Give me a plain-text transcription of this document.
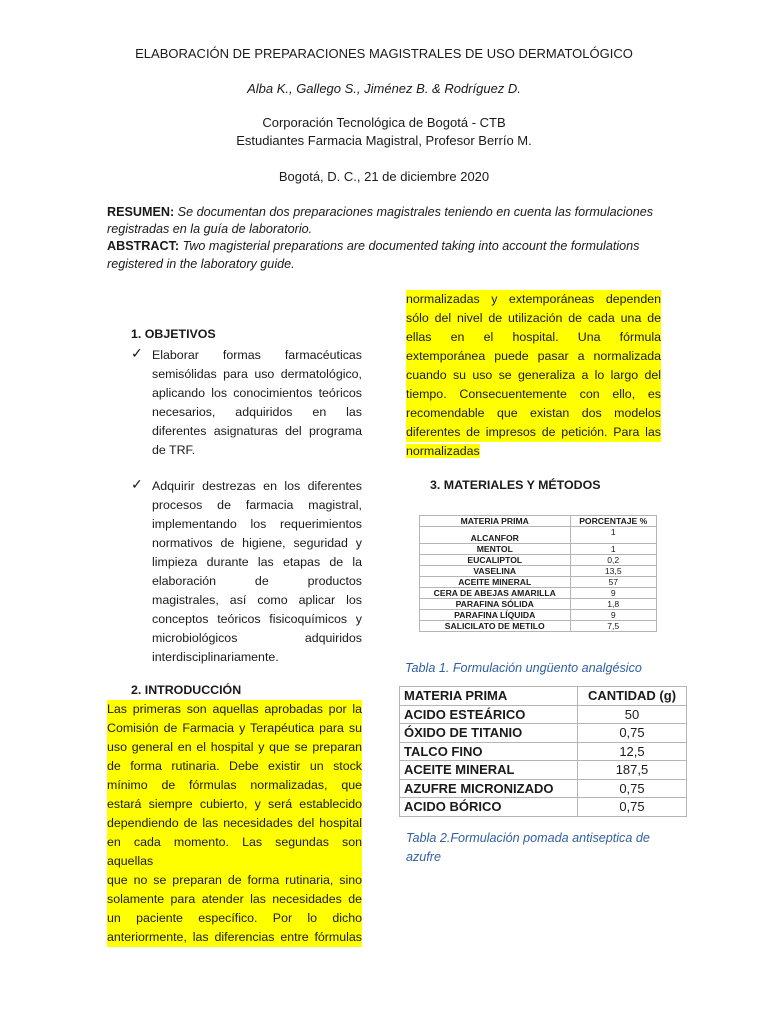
ELABORACIÓN DE PREPARACIONES MAGISTRALES DE USO DERMATOLÓGICO
Alba K., Gallego S., Jiménez B. & Rodríguez D.
Corporación Tecnológica de Bogotá - CTB
Estudiantes Farmacia Magistral, Profesor Berrío M.
Bogotá, D. C., 21 de diciembre 2020
RESUMEN: Se documentan dos preparaciones magistrales teniendo en cuenta las formulaciones
registradas en la guía de laboratorio.
ABSTRACT: Two magisterial preparations are documented taking into account the formulations
registered in the laboratory guide.
1. OBJETIVOS
✓ Elaborar formas farmacéuticas
semisólidas para uso dermatológico,
aplicando los conocimientos teóricos
necesarios, adquiridos en las
diferentes asignaturas del programa
de TRF.
✓ Adquirir destrezas en los diferentes
procesos de farmacia magistral,
implementando los requerimientos
normativos de higiene, seguridad y
limpieza durante las etapas de la
elaboración de productos
magistrales, así como aplicar los
conceptos teóricos fisicoquímicos y
microbiológicos adquiridos
interdisciplinariamente.
2. INTRODUCCIÓN
Las primeras son aquellas aprobadas por la
Comisión de Farmacia y Terapéutica para su
uso general en el hospital y que se preparan
de forma rutinaria. Debe existir un stock
mínimo de fórmulas normalizadas, que
estará siempre cubierto, y será establecido
dependiendo de las necesidades del hospital
en cada momento. Las segundas son aquellas
que no se preparan de forma rutinaria, sino
solamente para atender las necesidades de
un paciente específico. Por lo dicho
anteriormente, las diferencias entre fórmulas
normalizadas y extemporáneas dependen
sólo del nivel de utilización de cada una de
ellas en el hospital. Una fórmula
extemporánea puede pasar a normalizada
cuando su uso se generaliza a lo largo del
tiempo. Consecuentemente con ello, es
recomendable que existan dos modelos
diferentes de impresos de petición. Para las
normalizadas
3. MATERIALES Y MÉTODOS
MATERIA PRIMA	PORCENTAJE %
ALCANFOR	1
MENTOL	1
EUCALIPTOL	0,2
VASELINA	13,5
ACEITE MINERAL	57
CERA DE ABEJAS AMARILLA	9
PARAFINA SÓLIDA	1,8
PARAFINA LÍQUIDA	9
SALICILATO DE METILO	7,5
Tabla 1. Formulación ungüento analgésico
MATERIA PRIMA	CANTIDAD (g)
ACIDO ESTEÁRICO	50
ÓXIDO DE TITANIO	0,75
TALCO FINO	12,5
ACEITE MINERAL	187,5
AZUFRE MICRONIZADO	0,75
ACIDO BÓRICO	0,75
Tabla 2.Formulación pomada antiseptica de
azufre
